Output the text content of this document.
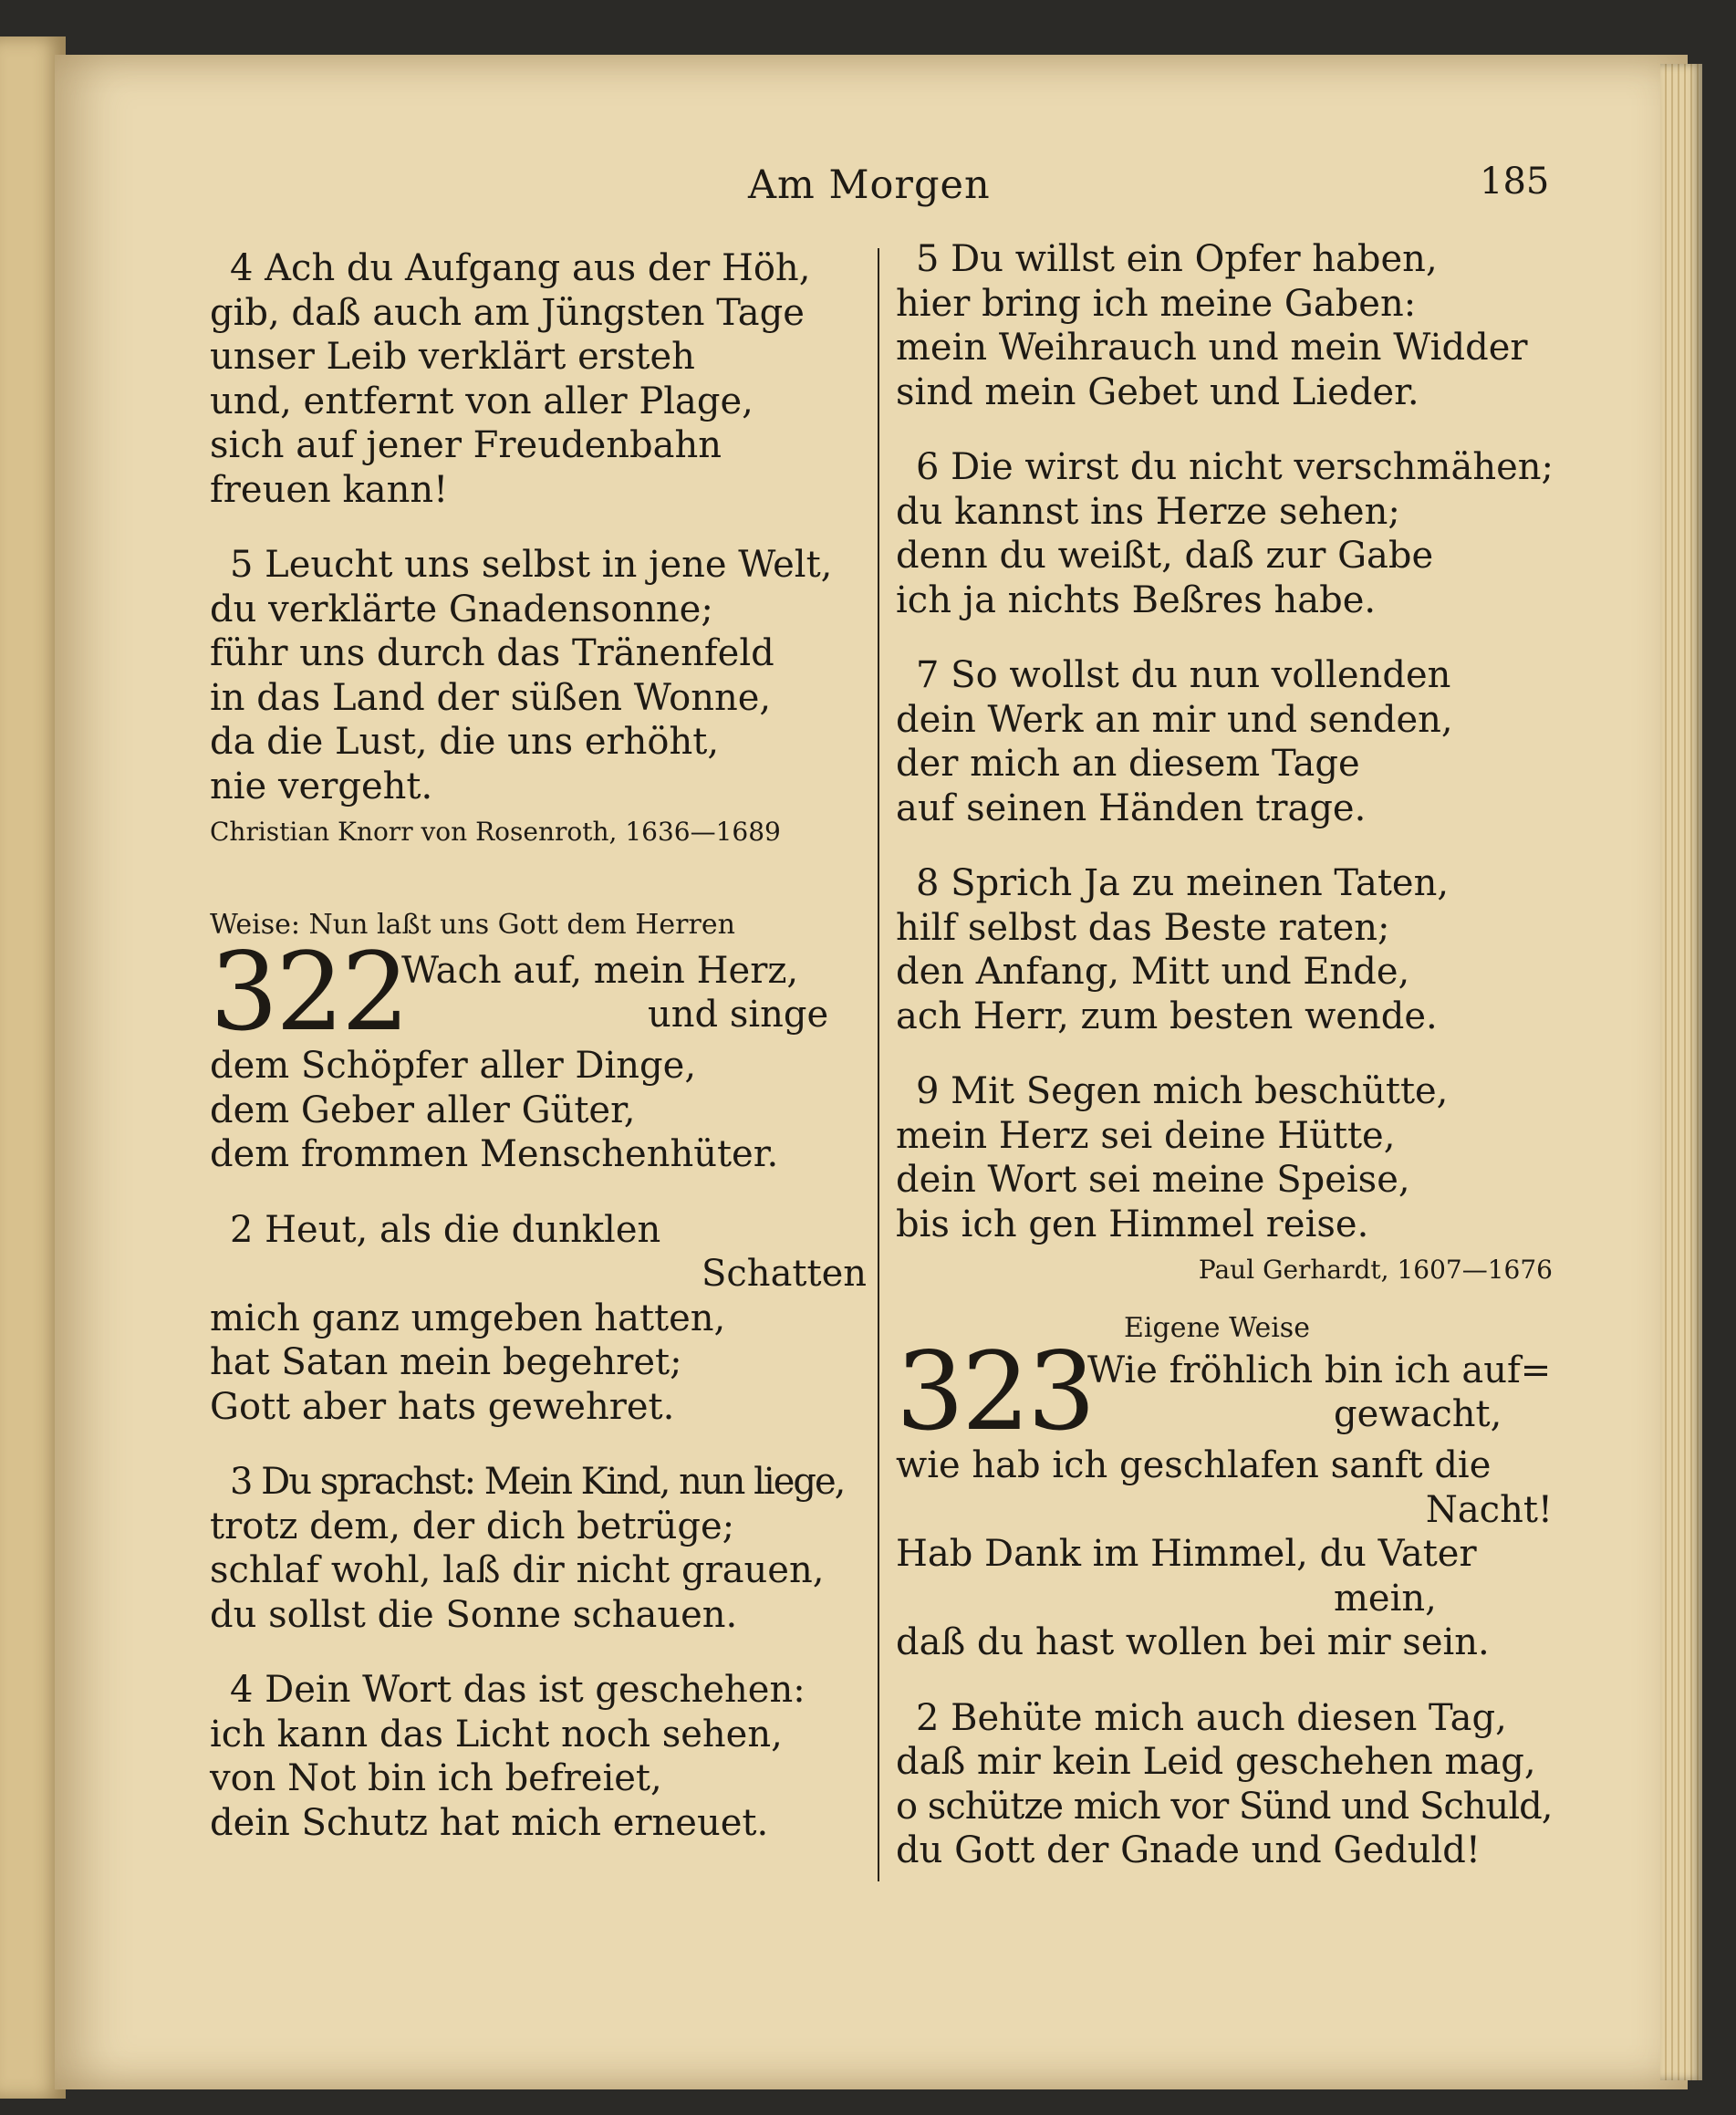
Am Morgen	185
4 Ach du Aufgang aus der Höh,
gib, daß auch am Jüngsten Tage
unser Leib verklärt ersteh
und, entfernt von aller Plage,
sich auf jener Freudenbahn
freuen kann!
5 Leucht uns selbst in jene Welt,
du verklärte Gnadensonne;
führ uns durch das Tränenfeld
in das Land der süßen Wonne,
da die Lust, die uns erhöht,
nie vergeht.
Christian Knorr von Rosenroth, 1636—1689
Weise: Nun laßt uns Gott dem Herren
322
Wach auf, mein Herz,
und singe
dem Schöpfer aller Dinge,
dem Geber aller Güter,
dem frommen Menschenhüter.
2 Heut, als die dunklen
Schatten
mich ganz umgeben hatten,
hat Satan mein begehret;
Gott aber hats gewehret.
3 Du sprachst: Mein Kind, nun liege,
trotz dem, der dich betrüge;
schlaf wohl, laß dir nicht grauen,
du sollst die Sonne schauen.
4 Dein Wort das ist geschehen:
ich kann das Licht noch sehen,
von Not bin ich befreiet,
dein Schutz hat mich erneuet.
5 Du willst ein Opfer haben,
hier bring ich meine Gaben:
mein Weihrauch und mein Widder
sind mein Gebet und Lieder.
6 Die wirst du nicht verschmähen;
du kannst ins Herze sehen;
denn du weißt, daß zur Gabe
ich ja nichts Beßres habe.
7 So wollst du nun vollenden
dein Werk an mir und senden,
der mich an diesem Tage
auf seinen Händen trage.
8 Sprich Ja zu meinen Taten,
hilf selbst das Beste raten;
den Anfang, Mitt und Ende,
ach Herr, zum besten wende.
9 Mit Segen mich beschütte,
mein Herz sei deine Hütte,
dein Wort sei meine Speise,
bis ich gen Himmel reise.
Paul Gerhardt, 1607—1676
Eigene Weise
323
Wie fröhlich bin ich auf=
gewacht,
wie hab ich geschlafen sanft die
Nacht!
Hab Dank im Himmel, du Vater
mein,
daß du hast wollen bei mir sein.
2 Behüte mich auch diesen Tag,
daß mir kein Leid geschehen mag,
o schütze mich vor Sünd und Schuld,
du Gott der Gnade und Geduld!
